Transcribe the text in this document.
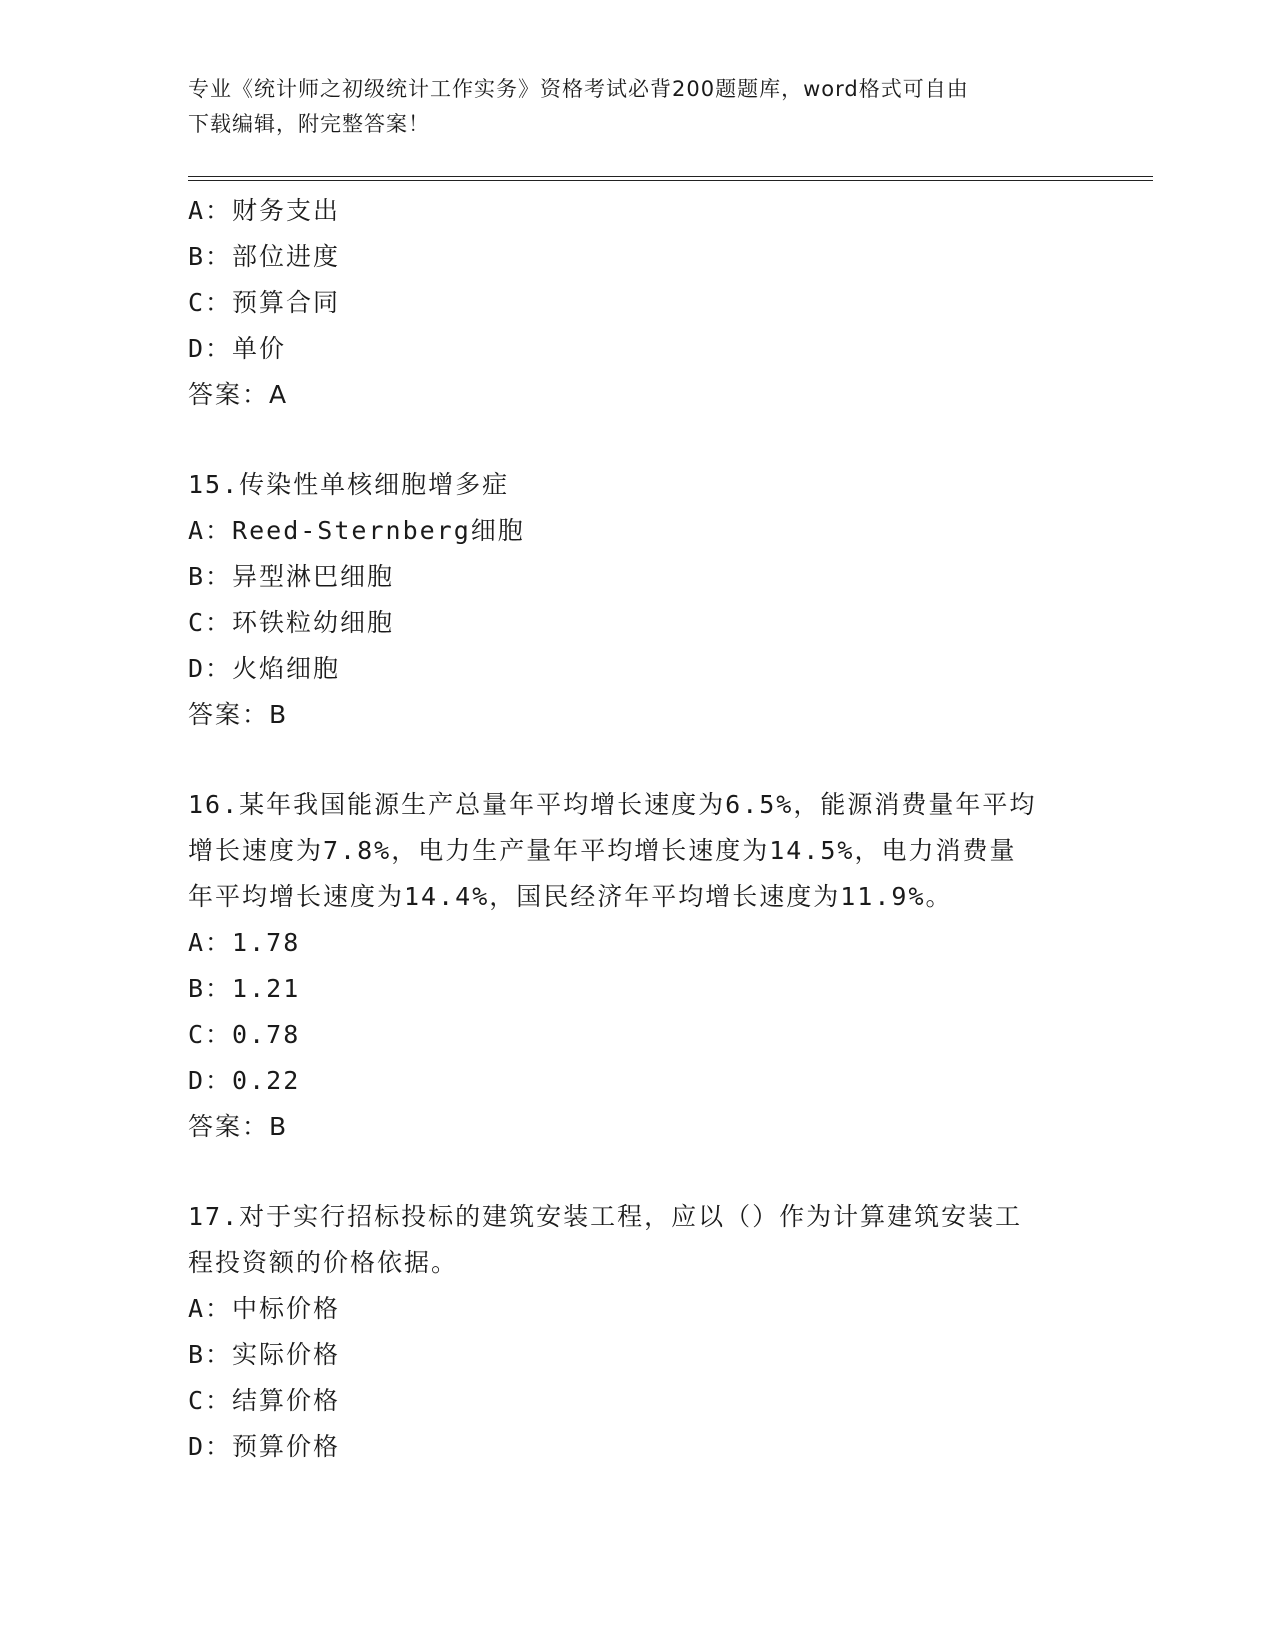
专业《统计师之初级统计工作实务》资格考试必背200题题库，word格式可自由
下载编辑，附完整答案！
A：财务支出
B：部位进度
C：预算合同
D：单价
答案：A
15.传染性单核细胞增多症
A：Reed-Sternberg细胞
B：异型淋巴细胞
C：环铁粒幼细胞
D：火焰细胞
答案：B
16.某年我国能源生产总量年平均增长速度为6.5%，能源消费量年平均
增长速度为7.8%，电力生产量年平均增长速度为14.5%，电力消费量
年平均增长速度为14.4%，国民经济年平均增长速度为11.9%。
A：1.78
B：1.21
C：0.78
D：0.22
答案：B
17.对于实行招标投标的建筑安装工程，应以（）作为计算建筑安装工
程投资额的价格依据。
A：中标价格
B：实际价格
C：结算价格
D：预算价格
